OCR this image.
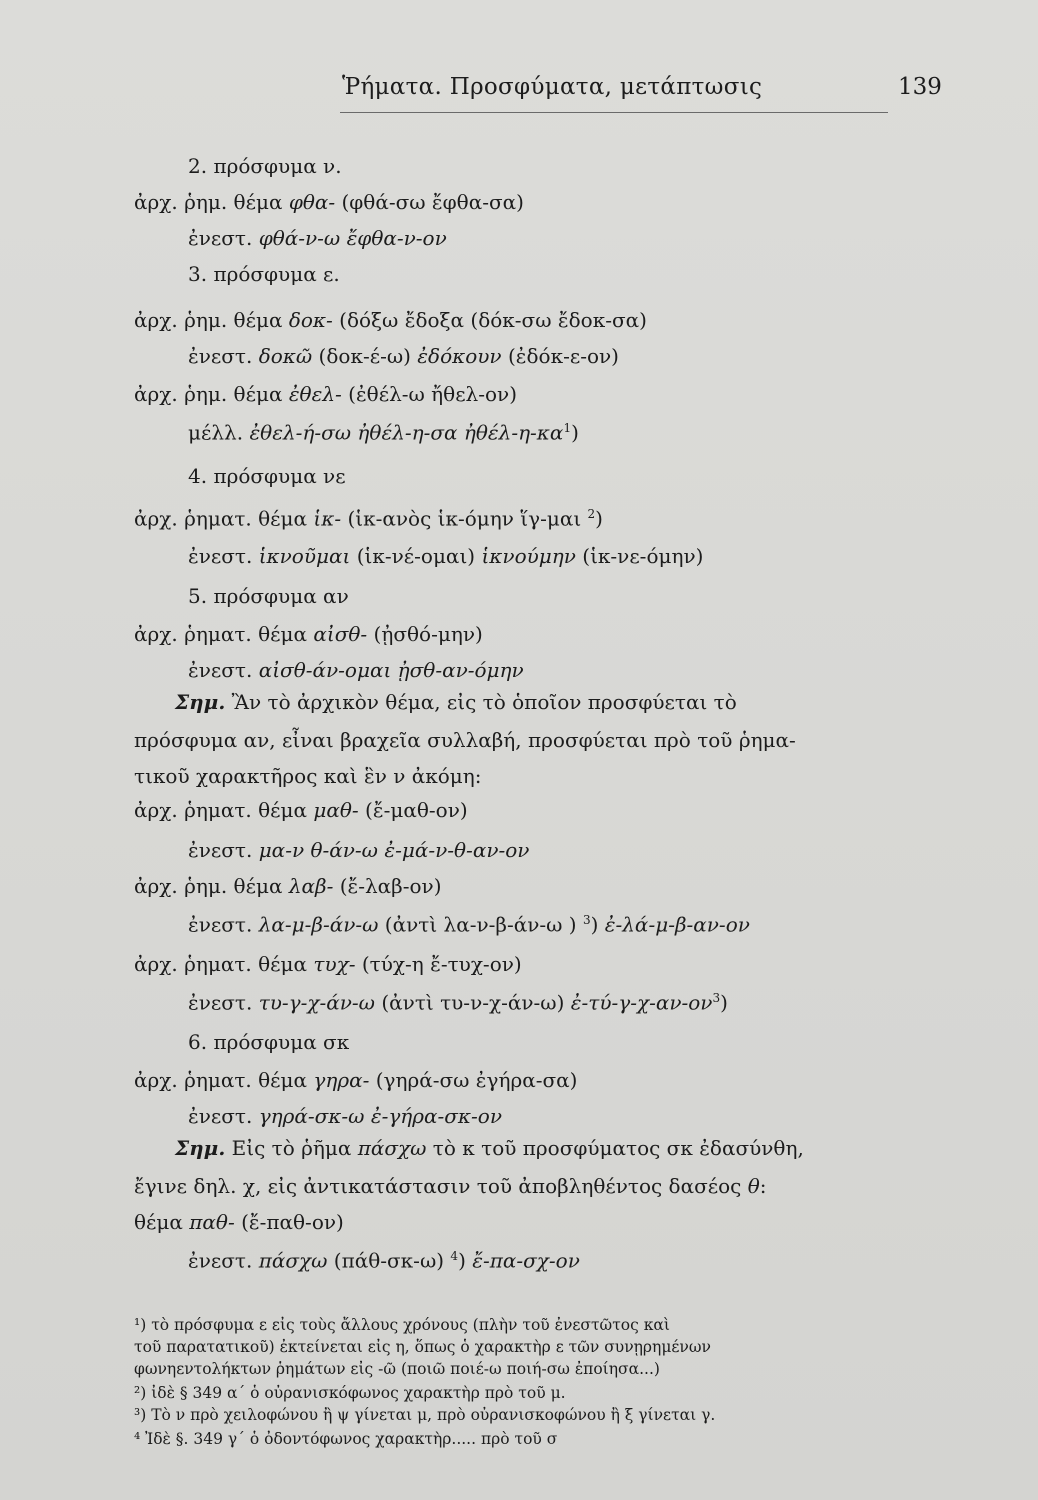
Ῥήματα. Προσφύματα, μετάπτωσις	139
2. πρόσφυμα ν.
ἀρχ. ῥημ. θέμα φθα- (φθά-σω ἔφθα-σα)
ἐνεστ. φθά-ν-ω ἔφθα-ν-ον
3. πρόσφυμα ε.
ἀρχ. ῥημ. θέμα δοκ- (δόξω ἔδοξα (δόκ-σω ἔδοκ-σα)
ἐνεστ. δοκῶ (δοκ-έ-ω) ἐδόκουν (ἐδόκ-ε-ον)
ἀρχ. ῥημ. θέμα ἐθελ- (ἐθέλ-ω ἤθελ-ον)
μέλλ. ἐθελ-ή-σω ἠθέλ-η-σα ἠθέλ-$\eta-\kappa\alpha^1$)
4. πρόσφυμα νε
ἀρχ. ῥηματ. θέμα ἱκ- (ἱκ-ανὸς ἱκ-όμην ἵγ-μαι $^2$)
ἐνεστ. ἱκνοῦμαι (ἱκ-νέ-ομαι) ἱκνούμην (ἱκ-νε-όμην)
5. πρόσφυμα αν
ἀρχ. ῥηματ. θέμα αἰσθ- (ᾐσθό-μην)
ἐνεστ. αἰσθ-άν-ομαι ᾐσθ-αν-όμην
Σημ. Ἂν τὸ ἀρχικὸν θέμα, εἰς τὸ ὁποῖον προσφύεται τὸ
πρόσφυμα αν, εἶναι βραχεῖα συλλαβή, προσφύεται πρὸ τοῦ ῥημα-
τικοῦ χαρακτῆρος καὶ ἓν ν ἀκόμη:
ἀρχ. ῥηματ. θέμα μαθ- (ἔ-μαθ-ον)
ἐνεστ. μα-ν θ-άν-ω ἐ-μά-ν-θ-αν-ον
ἀρχ. ῥημ. θέμα λαβ- (ἔ-λαβ-ον)
ἐνεστ. λα-μ-β-άν-ω (ἀντὶ λα-ν-β-άν-ω ) $^3$) ἐ-λά-μ-β-αν-ον
ἀρχ. ῥηματ. θέμα τυχ- (τύχ-η ἔ-τυχ-ον)
ἐνεστ. τυ-γ-χ-άν-ω (ἀντὶ τυ-ν-χ-άν-ω) $ἐ-\tau ύ-\gamma-\chi-\alpha\nu-o\nu^3$)
6. πρόσφυμα σκ
ἀρχ. ῥηματ. θέμα γηρα- (γηρά-σω ἐγήρα-σα)
ἐνεστ. γηρά-σκ-ω ἐ-γήρα-σκ-ον
Σημ. Εἰς τὸ ῥῆμα πάσχω τὸ κ τοῦ προσφύματος σκ ἐδασύνθη,
ἔγινε δηλ. χ, εἰς ἀντικατάστασιν τοῦ ἀποβληθέντος δασέος θ:
θέμα παθ- (ἔ-παθ-ον)
ἐνεστ. πάσχω (πάθ-σκ-ω) $^4$) ἔ-πα-σχ-ον
¹) τὸ πρόσφυμα ε εἰς τοὺς ἄλλους χρόνους (πλὴν τοῦ ἐνεστῶτος καὶ
τοῦ παρατατικοῦ) ἐκτείνεται εἰς η, ὅπως ὁ χαρακτὴρ ε τῶν συνῃρημένων
φωνηεντολήκτων ῥημάτων εἰς -ῶ (ποιῶ ποιέ-ω ποιή-σω ἐποίησα...)
²) ἰδὲ § 349 α΄ ὁ οὐρανισκόφωνος χαρακτὴρ πρὸ τοῦ μ.
³) Τὸ ν πρὸ χειλοφώνου ἢ ψ γίνεται μ, πρὸ οὐρανισκοφώνου ἢ ξ γίνεται γ.
⁴ Ἰδὲ §. 349 γ΄ ὁ ὀδοντόφωνος χαρακτὴρ..... πρὸ τοῦ σ
